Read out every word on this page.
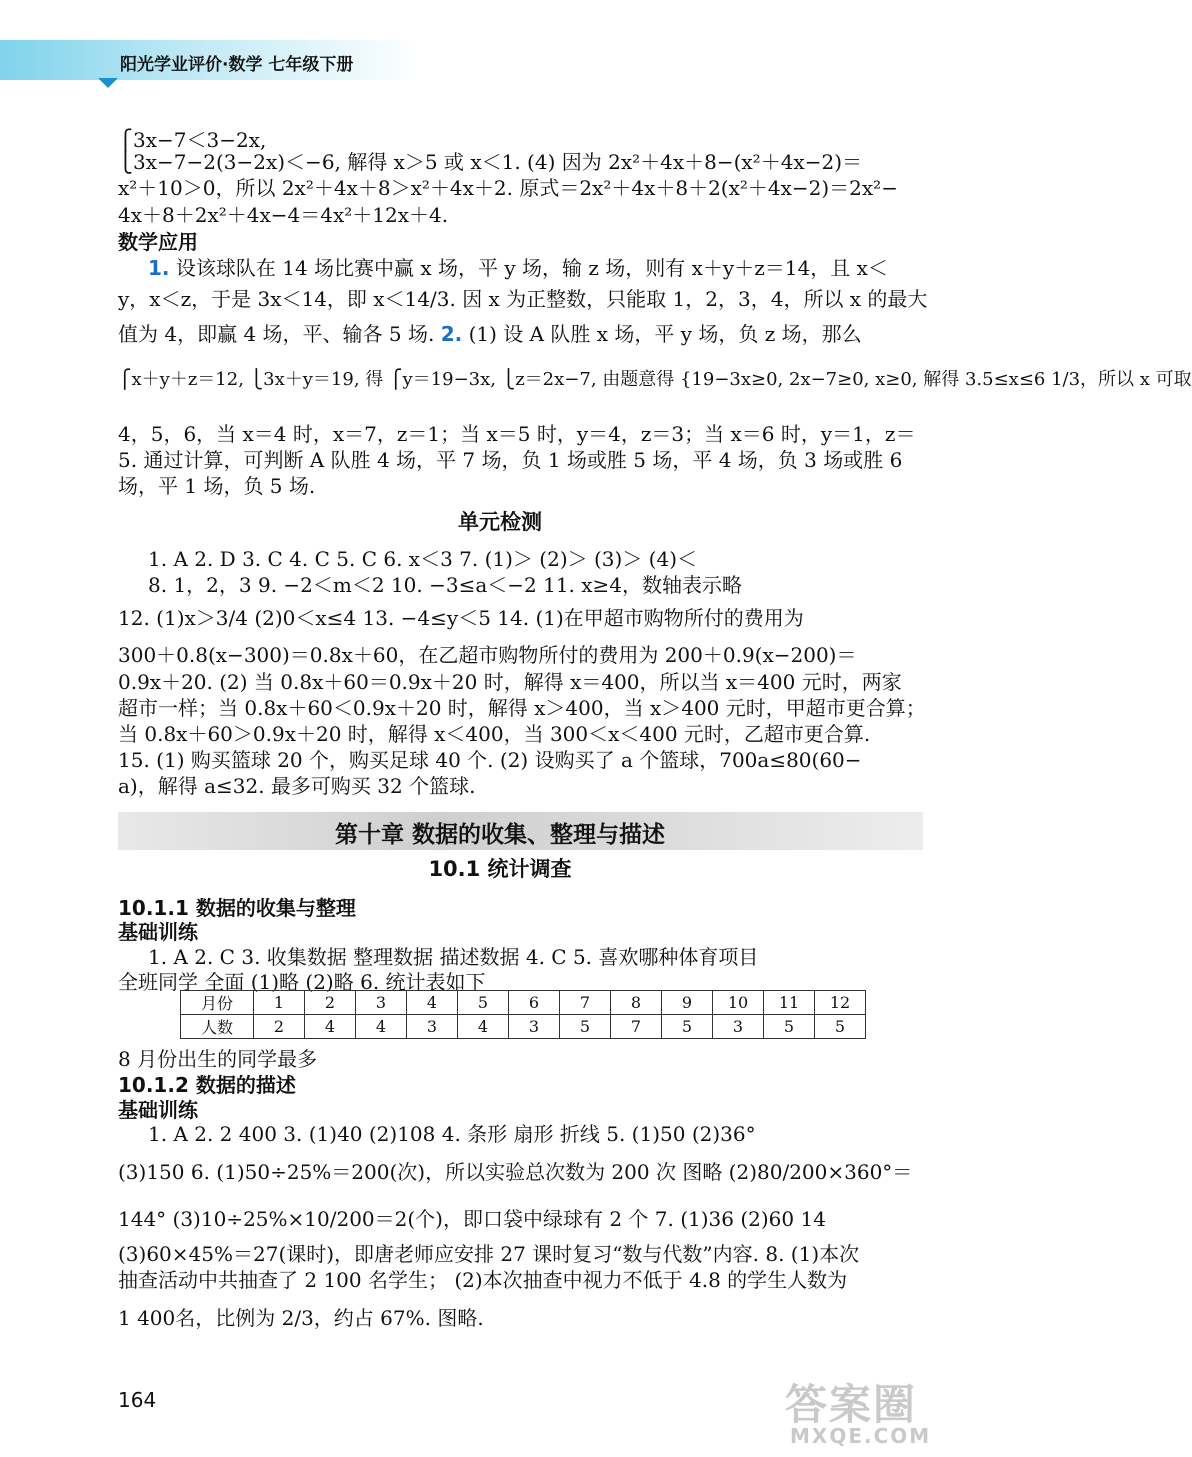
阳光学业评价·数学 七年级下册
⎧3x−7＜3−2x,
⎩3x−7−2(3−2x)＜−6, 解得 x＞5 或 x＜1. (4) 因为 2x²＋4x＋8−(x²＋4x−2)＝
x²＋10＞0，所以 2x²＋4x＋8＞x²＋4x＋2. 原式＝2x²＋4x＋8＋2(x²＋4x−2)＝2x²−
4x＋8＋2x²＋4x−4＝4x²＋12x＋4.
数学应用
1. 设该球队在 14 场比赛中赢 x 场，平 y 场，输 z 场，则有 x＋y＋z＝14，且 x＜
y，x＜z，于是 3x＜14，即 x＜14/3. 因 x 为正整数，只能取 1，2，3，4，所以 x 的最大
值为 4，即赢 4 场，平、输各 5 场. 2. (1) 设 A 队胜 x 场，平 y 场，负 z 场，那么
⎧x＋y＋z＝12, ⎩3x＋y＝19, 得 ⎧y＝19−3x, ⎩z＝2x−7, 由题意得 {19−3x≥0, 2x−7≥0, x≥0, 解得 3.5≤x≤6 1/3，所以 x 可取
4，5，6，当 x＝4 时，x＝7，z＝1；当 x＝5 时，y＝4，z＝3；当 x＝6 时，y＝1，z＝
5. 通过计算，可判断 A 队胜 4 场，平 7 场，负 1 场或胜 5 场，平 4 场，负 3 场或胜 6
场，平 1 场，负 5 场.
单元检测
1. A 2. D 3. C 4. C 5. C 6. x＜3 7. (1)＞ (2)＞ (3)＞ (4)＜
8. 1，2，3 9. −2＜m＜2 10. −3≤a＜−2 11. x≥4，数轴表示略
12. (1)x＞3/4 (2)0＜x≤4 13. −4≤y＜5 14. (1)在甲超市购物所付的费用为
300＋0.8(x−300)＝0.8x＋60，在乙超市购物所付的费用为 200＋0.9(x−200)＝
0.9x＋20. (2) 当 0.8x＋60＝0.9x＋20 时，解得 x＝400，所以当 x＝400 元时，两家
超市一样；当 0.8x＋60＜0.9x＋20 时，解得 x＞400，当 x＞400 元时，甲超市更合算；
当 0.8x＋60＞0.9x＋20 时，解得 x＜400，当 300＜x＜400 元时，乙超市更合算.
15. (1) 购买篮球 20 个，购买足球 40 个. (2) 设购买了 a 个篮球，700a≤80(60−
a)，解得 a≤32. 最多可购买 32 个篮球.
第十章 数据的收集、整理与描述
10.1 统计调查
10.1.1 数据的收集与整理
基础训练
1. A 2. C 3. 收集数据 整理数据 描述数据 4. C 5. 喜欢哪种体育项目
全班同学 全面 (1)略 (2)略 6. 统计表如下
月份	1	2	3	4	5	6	7	8	9	10	11	12
人数	2	4	4	3	4	3	5	7	5	3	5	5
8 月份出生的同学最多
10.1.2 数据的描述
基础训练
1. A 2. 2 400 3. (1)40 (2)108 4. 条形 扇形 折线 5. (1)50 (2)36°
(3)150 6. (1)50÷25%＝200(次)，所以实验总次数为 200 次 图略 (2)80/200×360°＝
144° (3)10÷25%×10/200＝2(个)，即口袋中绿球有 2 个 7. (1)36 (2)60 14
(3)60×45%＝27(课时)，即唐老师应安排 27 课时复习“数与代数”内容. 8. (1)本次
抽查活动中共抽查了 2 100 名学生； (2)本次抽查中视力不低于 4.8 的学生人数为
1 400名，比例为 2/3，约占 67%. 图略.
164	答案圈
MXQE.COM
